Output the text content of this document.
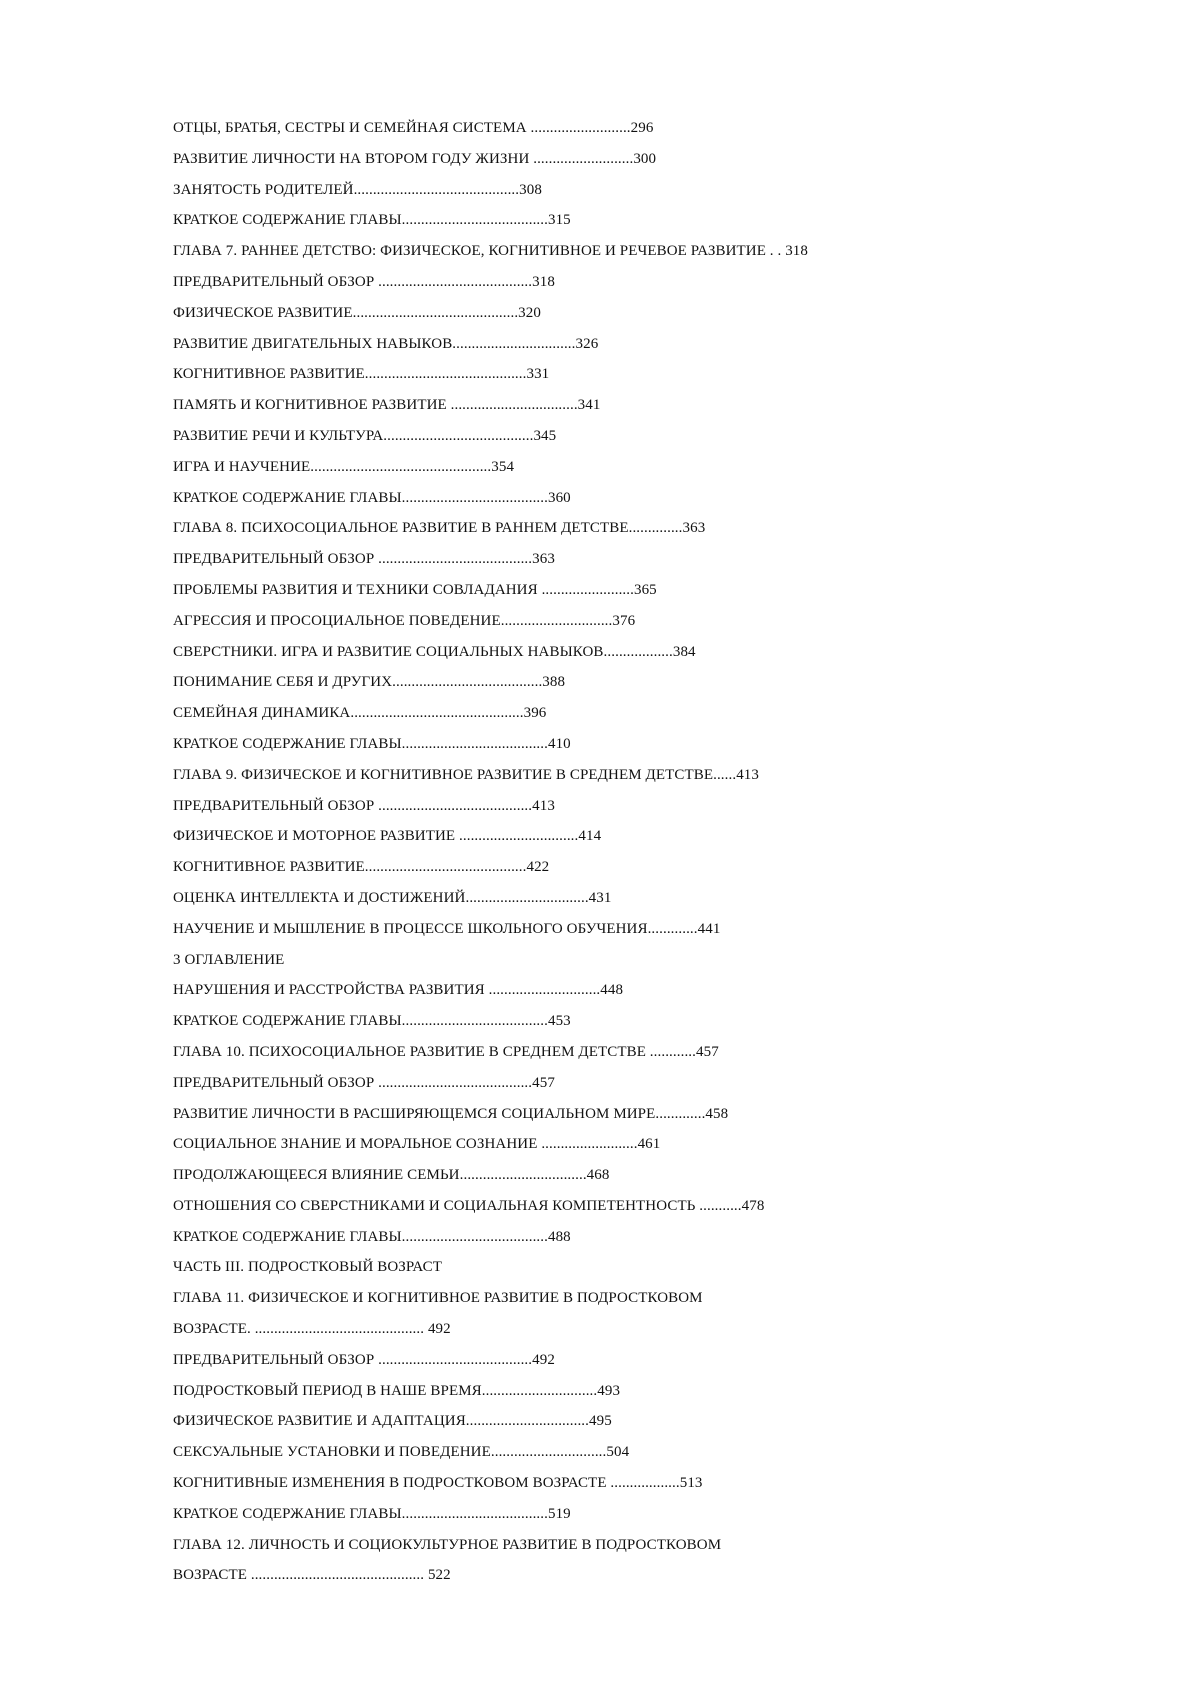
ОТЦЫ, БРАТЬЯ, СЕСТРЫ И СЕМЕЙНАЯ СИСТЕМА ..........................296
РАЗВИТИЕ ЛИЧНОСТИ НА ВТОРОМ ГОДУ ЖИЗНИ ..........................300
ЗАНЯТОСТЬ РОДИТЕЛЕЙ...........................................308
КРАТКОЕ СОДЕРЖАНИЕ ГЛАВЫ......................................315
ГЛАВА 7. РАННЕЕ ДЕТСТВО: ФИЗИЧЕСКОЕ, КОГНИТИВНОЕ И РЕЧЕВОЕ РАЗВИТИЕ . . 318
ПРЕДВАРИТЕЛЬНЫЙ ОБЗОР ........................................318
ФИЗИЧЕСКОЕ РАЗВИТИЕ...........................................320
РАЗВИТИЕ ДВИГАТЕЛЬНЫХ НАВЫКОВ................................326
КОГНИТИВНОЕ РАЗВИТИЕ..........................................331
ПАМЯТЬ И КОГНИТИВНОЕ РАЗВИТИЕ .................................341
РАЗВИТИЕ РЕЧИ И КУЛЬТУРА.......................................345
ИГРА И НАУЧЕНИЕ...............................................354
КРАТКОЕ СОДЕРЖАНИЕ ГЛАВЫ......................................360
ГЛАВА 8. ПСИХОСОЦИАЛЬНОЕ РАЗВИТИЕ В РАННЕМ ДЕТСТВЕ..............363
ПРЕДВАРИТЕЛЬНЫЙ ОБЗОР ........................................363
ПРОБЛЕМЫ РАЗВИТИЯ И ТЕХНИКИ СОВЛАДАНИЯ ........................365
АГРЕССИЯ И ПРОСОЦИАЛЬНОЕ ПОВЕДЕНИЕ.............................376
СВЕРСТНИКИ. ИГРА И РАЗВИТИЕ СОЦИАЛЬНЫХ НАВЫКОВ..................384
ПОНИМАНИЕ СЕБЯ И ДРУГИХ.......................................388
СЕМЕЙНАЯ ДИНАМИКА.............................................396
КРАТКОЕ СОДЕРЖАНИЕ ГЛАВЫ......................................410
ГЛАВА 9. ФИЗИЧЕСКОЕ И КОГНИТИВНОЕ РАЗВИТИЕ В СРЕДНЕМ ДЕТСТВЕ......413
ПРЕДВАРИТЕЛЬНЫЙ ОБЗОР ........................................413
ФИЗИЧЕСКОЕ И МОТОРНОЕ РАЗВИТИЕ ...............................414
КОГНИТИВНОЕ РАЗВИТИЕ..........................................422
ОЦЕНКА ИНТЕЛЛЕКТА И ДОСТИЖЕНИЙ................................431
НАУЧЕНИЕ И МЫШЛЕНИЕ В ПРОЦЕССЕ ШКОЛЬНОГО ОБУЧЕНИЯ.............441
3 ОГЛАВЛЕНИЕ
НАРУШЕНИЯ И РАССТРОЙСТВА РАЗВИТИЯ .............................448
КРАТКОЕ СОДЕРЖАНИЕ ГЛАВЫ......................................453
ГЛАВА 10. ПСИХОСОЦИАЛЬНОЕ РАЗВИТИЕ В СРЕДНЕМ ДЕТСТВЕ ............457
ПРЕДВАРИТЕЛЬНЫЙ ОБЗОР ........................................457
РАЗВИТИЕ ЛИЧНОСТИ В РАСШИРЯЮЩЕМСЯ СОЦИАЛЬНОМ МИРЕ.............458
СОЦИАЛЬНОЕ ЗНАНИЕ И МОРАЛЬНОЕ СОЗНАНИЕ .........................461
ПРОДОЛЖАЮЩЕЕСЯ ВЛИЯНИЕ СЕМЬИ.................................468
ОТНОШЕНИЯ СО СВЕРСТНИКАМИ И СОЦИАЛЬНАЯ КОМПЕТЕНТНОСТЬ ...........478
КРАТКОЕ СОДЕРЖАНИЕ ГЛАВЫ......................................488
ЧАСТЬ III. ПОДРОСТКОВЫЙ ВОЗРАСТ
ГЛАВА 11. ФИЗИЧЕСКОЕ И КОГНИТИВНОЕ РАЗВИТИЕ В ПОДРОСТКОВОМ
ВОЗРАСТЕ. ............................................ 492
ПРЕДВАРИТЕЛЬНЫЙ ОБЗОР ........................................492
ПОДРОСТКОВЫЙ ПЕРИОД В НАШЕ ВРЕМЯ..............................493
ФИЗИЧЕСКОЕ РАЗВИТИЕ И АДАПТАЦИЯ................................495
СЕКСУАЛЬНЫЕ УСТАНОВКИ И ПОВЕДЕНИЕ..............................504
КОГНИТИВНЫЕ ИЗМЕНЕНИЯ В ПОДРОСТКОВОМ ВОЗРАСТЕ ..................513
КРАТКОЕ СОДЕРЖАНИЕ ГЛАВЫ......................................519
ГЛАВА 12. ЛИЧНОСТЬ И СОЦИОКУЛЬТУРНОЕ РАЗВИТИЕ В ПОДРОСТКОВОМ
ВОЗРАСТЕ ............................................. 522
